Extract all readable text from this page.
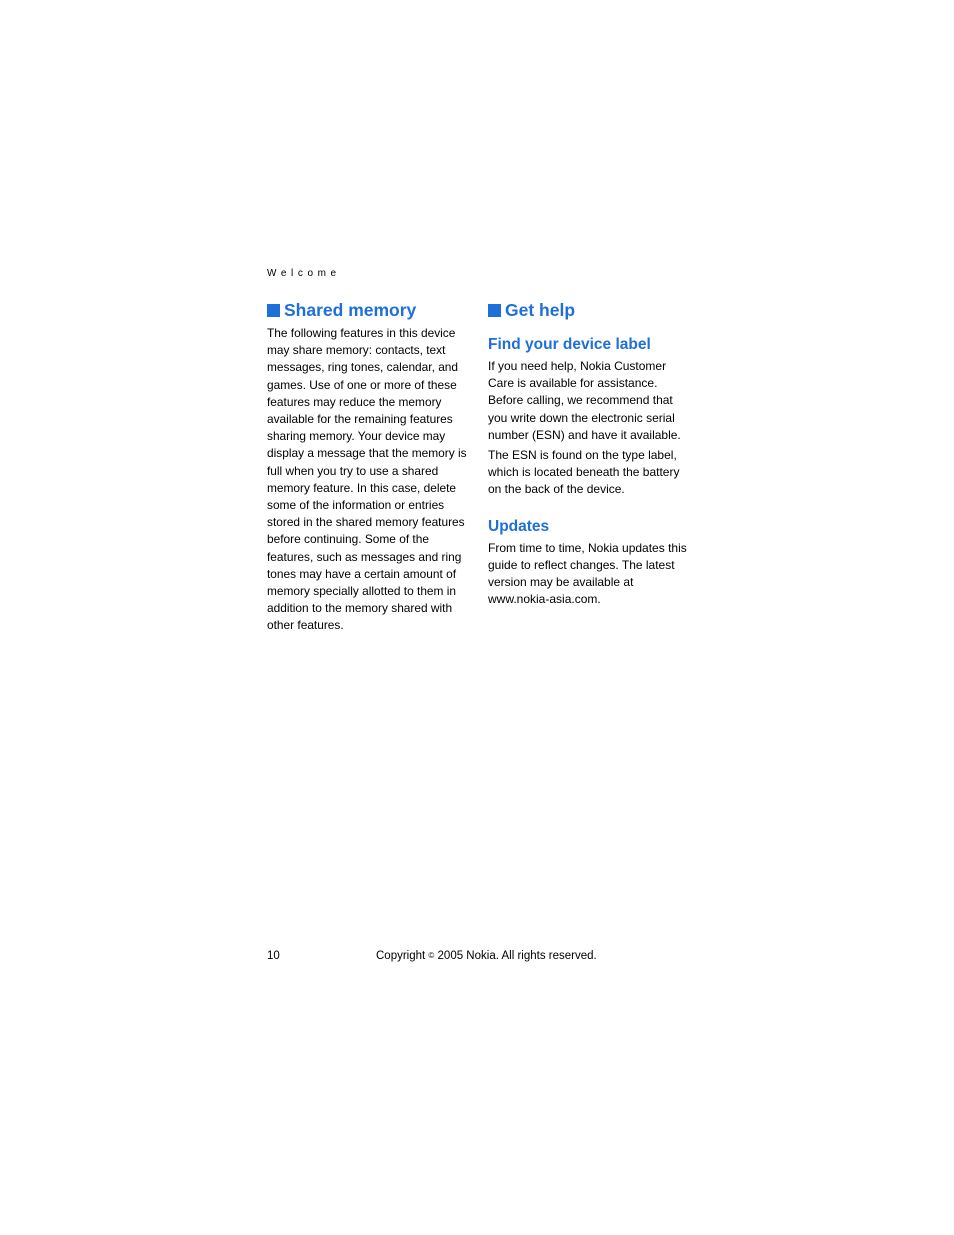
Welcome
Shared memory

The following features in this device may share memory: contacts, text messages, ring tones, calendar, and games. Use of one or more of these features may reduce the memory available for the remaining features sharing memory. Your device may display a message that the memory is full when you try to use a shared memory feature. In this case, delete some of the information or entries stored in the shared memory features before continuing. Some of the features, such as messages and ring tones may have a certain amount of memory specially allotted to them in addition to the memory shared with other features.

Get help
Find your device label

If you need help, Nokia Customer Care is available for assistance. Before calling, we recommend that you write down the electronic serial number (ESN) and have it available.

The ESN is found on the type label, which is located beneath the battery on the back of the device.

Updates

From time to time, Nokia updates this guide to reflect changes. The latest version may be available at www.nokia-asia.com.

10	Copyright © 2005 Nokia. All rights reserved.
